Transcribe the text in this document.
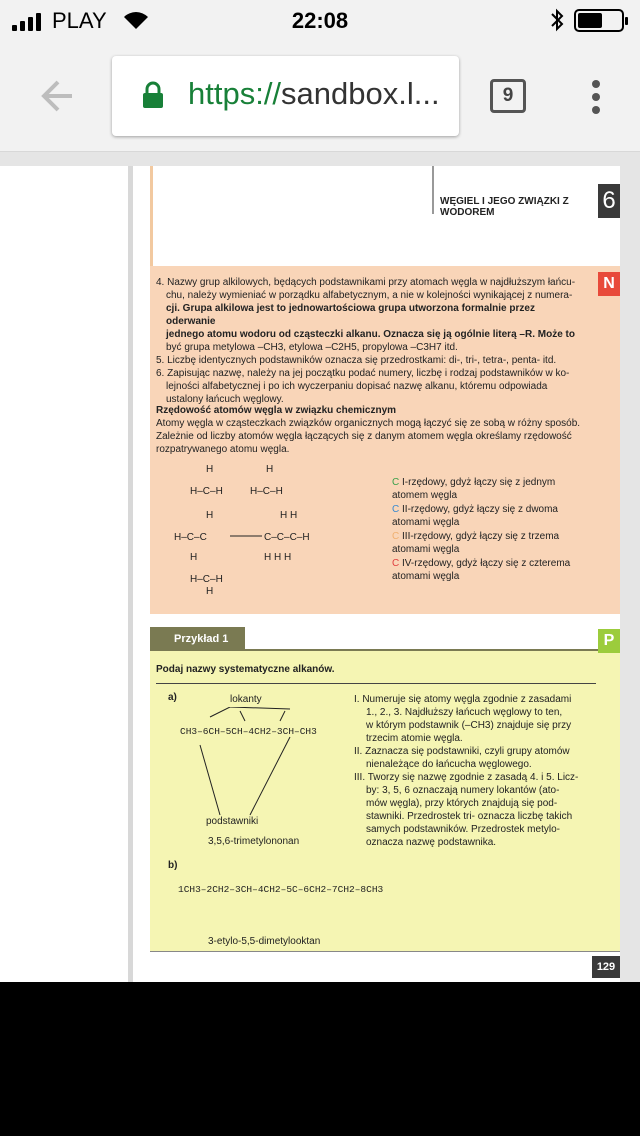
PLAY	22:08
https://sandbox.l...	9
WĘGIEL I JEGO ZWIĄZKI Z WODOREM	6
N
4. Nazwy grup alkilowych, będących podstawnikami przy atomach węgla w najdłuższym łańcu-
chu, należy wymieniać w porządku alfabetycznym, a nie w kolejności wynikającej z numera-
cji. Grupa alkilowa jest to jednowartościowa grupa utworzona formalnie przez oderwanie
jednego atomu wodoru od cząsteczki alkanu. Oznacza się ją ogólnie literą –R. Może to
być grupa metylowa –CH3, etylowa –C2H5, propylowa –C3H7 itd.
5. Liczbę identycznych podstawników oznacza się przedrostkami: di-, tri-, tetra-, penta- itd.
6. Zapisując nazwę, należy na jej początku podać numery, liczbę i rodzaj podstawników w ko-
lejności alfabetycznej i po ich wyczerpaniu dopisać nazwę alkanu, któremu odpowiada
ustalony łańcuch węglowy.
Rzędowość atomów węgla w związku chemicznym
Atomy węgla w cząsteczkach związków organicznych mogą łączyć się ze sobą w różny sposób.
Zależnie od liczby atomów węgla łączących się z danym atomem węgla określamy rzędowość
rozpatrywanego atomu węgla.
H	H
H–C–H	H–C–H
H	H H
H–C–C	C–C–C–H
H	H H H
H–C–H
H
C I-rzędowy, gdyż łączy się z jednym
atomem węgla
C II-rzędowy, gdyż łączy się z dwoma
atomami węgla
C III-rzędowy, gdyż łączy się z trzema
atomami węgla
C IV-rzędowy, gdyż łączy się z czterema
atomami węgla
Przykład 1	P
Podaj nazwy systematyczne alkanów.
a)	lokanty
CH3–6CH–5CH–4CH2–3CH–CH3
podstawniki
3,5,6-trimetylononan
I. Numeruje się atomy węgla zgodnie z zasadami
1., 2., 3. Najdłuższy łańcuch węglowy to ten,
w którym podstawnik (–CH3) znajduje się przy
trzecim atomie węgla.
II. Zaznacza się podstawniki, czyli grupy atomów
nienależące do łańcucha węglowego.
III. Tworzy się nazwę zgodnie z zasadą 4. i 5. Licz-
by: 3, 5, 6 oznaczają numery lokantów (ato-
mów węgla), przy których znajdują się pod-
stawniki. Przedrostek tri- oznacza liczbę takich
samych podstawników. Przedrostek metylo-
oznacza nazwę podstawnika.
b)
1CH3–2CH2–3CH–4CH2–5C–6CH2–7CH2–8CH3
3-etylo-5,5-dimetylooktan
129
